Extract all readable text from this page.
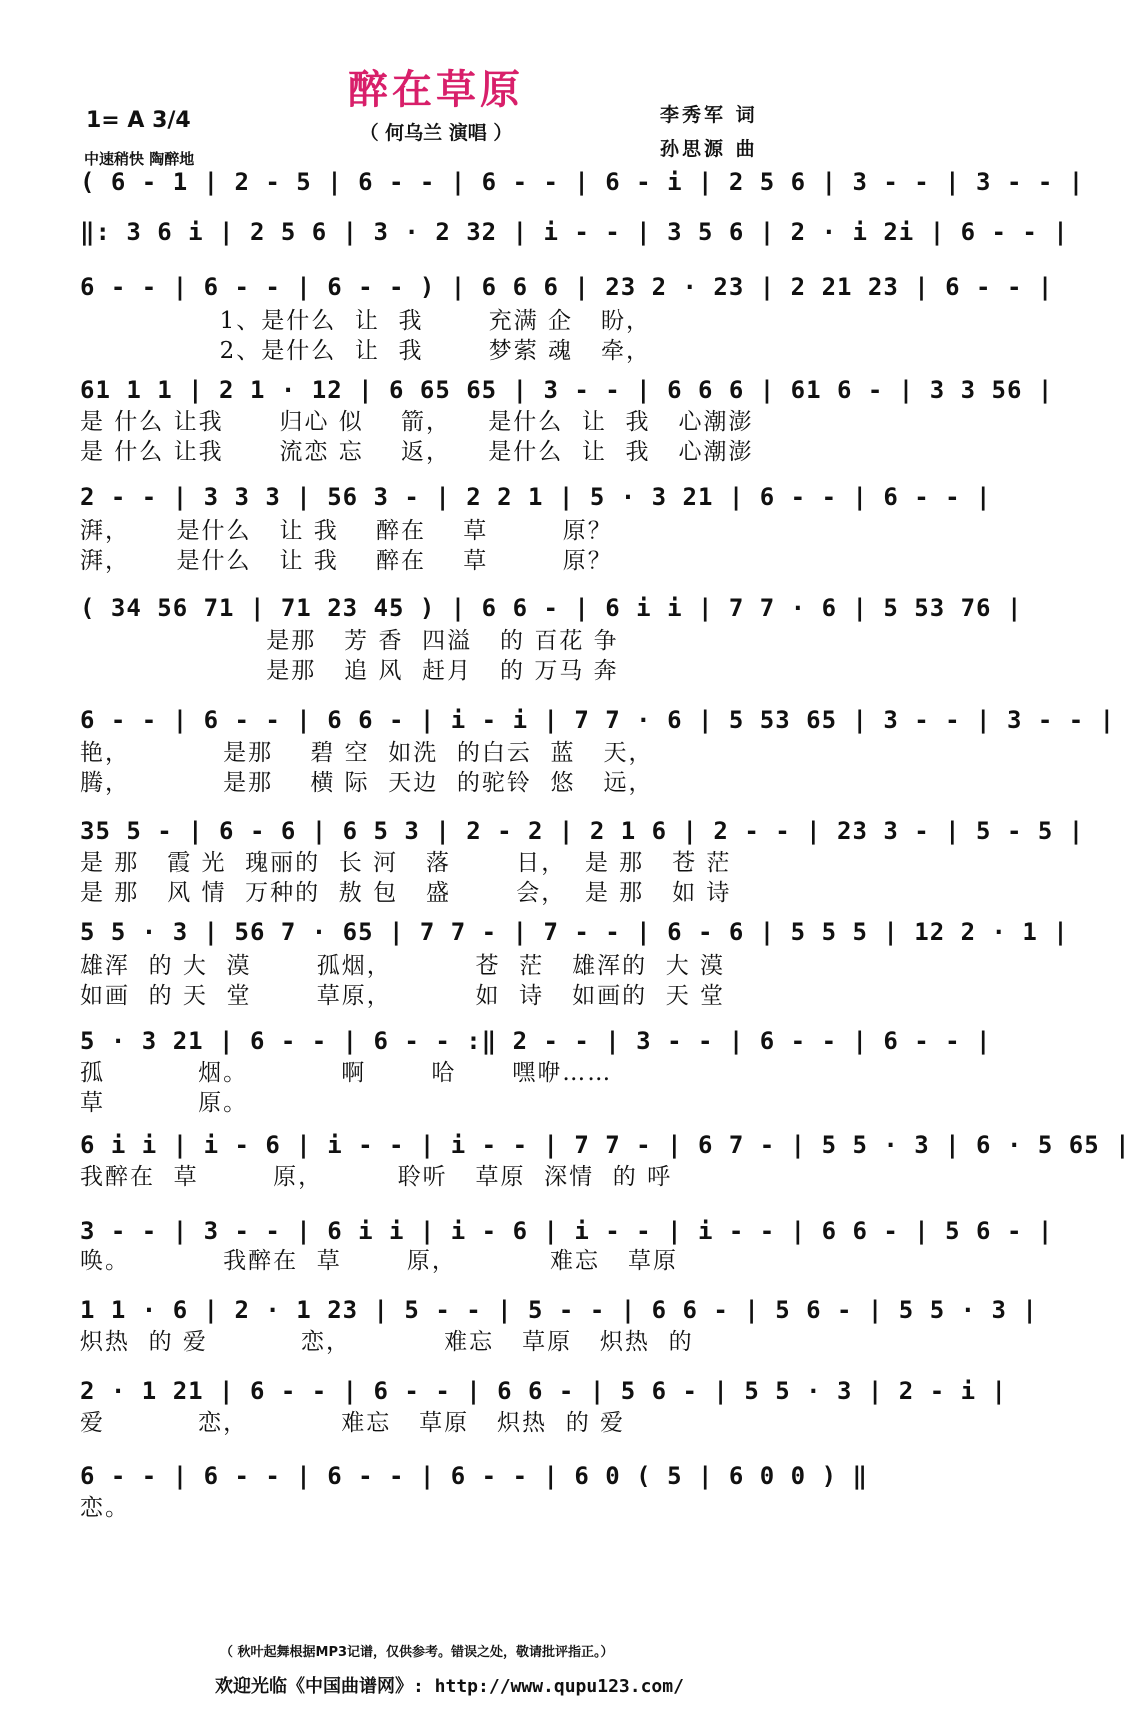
醉在草原
（ 何乌兰 演唱 ）
1= A 3/4
中速稍快 陶醉地
李秀军 词
孙思源 曲
( 6 - 1 | 2 - 5 | 6 - - | 6 - - | 6 - i | 2 5 6 | 3 - - | 3 - - |
‖: 3 6 i | 2 5 6 | 3 · 2 32 | i - - | 3 5 6 | 2 · i 2i | 6 - - |
6 - - | 6 - - | 6 - - ) | 6 6 6 | 23 2 · 23 | 2 21 23 | 6 - - |
1、是什么  让  我       充满 企   盼，
2、是什么  让  我       梦萦 魂   牵，
61 1 1 | 2 1 · 12 | 6 65 65 | 3 - - | 6 6 6 | 61 6 - | 3 3 56 |
是 什么 让我      归心 似    箭，    是什么  让  我   心潮澎
是 什么 让我      流恋 忘    返，    是什么  让  我   心潮澎
2 - - | 3 3 3 | 56 3 - | 2 2 1 | 5 · 3 21 | 6 - - | 6 - - |
湃，     是什么   让 我    醉在    草        原？
湃，     是什么   让 我    醉在    草        原？
( 34 56 71 | 71 23 45 ) | 6 6 - | 6 i i | 7 7 · 6 | 5 53 76 |
是那   芳 香  四溢   的 百花 争
是那   追 风  赶月   的 万马 奔
6 - - | 6 - - | 6 6 - | i - i | 7 7 · 6 | 5 53 65 | 3 - - | 3 - - |
艳，          是那    碧 空  如洗  的白云  蓝   天，
腾，          是那    横 际  天边  的驼铃  悠   远，
35 5 - | 6 - 6 | 6 5 3 | 2 - 2 | 2 1 6 | 2 - - | 23 3 - | 5 - 5 |
是 那   霞 光  瑰丽的  长 河   落       日，  是 那   苍 茫
是 那   风 情  万种的  敖 包   盛       会，  是 那   如 诗
5 5 · 3 | 56 7 · 65 | 7 7 - | 7 - - | 6 - 6 | 5 5 5 | 12 2 · 1 |
雄浑  的 大  漠       孤烟，         苍  茫   雄浑的  大 漠
如画  的 天  堂       草原，         如  诗   如画的  天 堂
5 · 3 21 | 6 - - | 6 - - :‖ 2 - - | 3 - - | 6 - - | 6 - - |
孤          烟。          啊       哈      嘿咿……
草          原。
6 i i | i - 6 | i - - | i - - | 7 7 - | 6 7 - | 5 5 · 3 | 6 · 5 65 |
我醉在  草        原，        聆听   草原  深情  的 呼
3 - - | 3 - - | 6 i i | i - 6 | i - - | i - - | 6 6 - | 5 6 - |
唤。          我醉在  草       原，          难忘   草原
1 1 · 6 | 2 · 1 23 | 5 - - | 5 - - | 6 6 - | 5 6 - | 5 5 · 3 |
炽热  的 爱          恋，          难忘   草原   炽热  的
2 · 1 21 | 6 - - | 6 - - | 6 6 - | 5 6 - | 5 5 · 3 | 2 - i |
爱          恋，          难忘   草原   炽热  的 爱
6 - - | 6 - - | 6 - - | 6 - - | 6 0 ( 5 | 6 0 0 ) ‖
恋。
（ 秋叶起舞根据MP3记谱，仅供参考。错误之处，敬请批评指正。）
欢迎光临《中国曲谱网》: http://www.qupu123.com/
